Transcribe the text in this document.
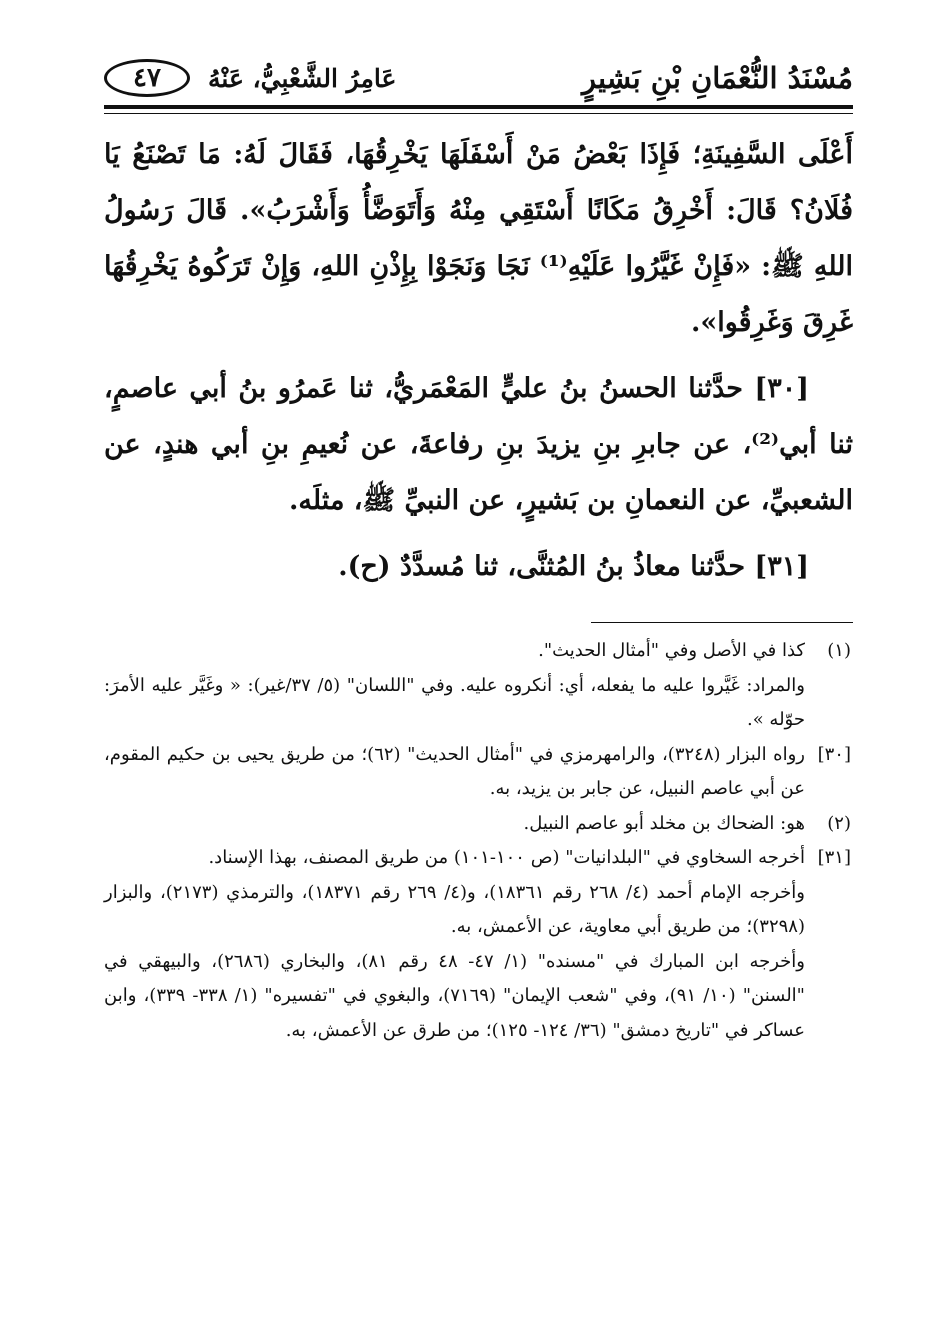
مُسْنَدُ النُّعْمَانِ بْنِ بَشِيرٍ
عَامِرُ الشَّعْبِيُّ، عَنْهُ
٤٧

أَعْلَى السَّفِينَةِ؛ فَإِذَا بَعْضُ مَنْ أَسْفَلَهَا يَخْرِقُهَا، فَقَالَ لَهُ: مَا تَصْنَعُ يَا فُلَانُ؟ قَالَ: أَخْرِقُ مَكَانًا أَسْتَقِي مِنْهُ وَأَتَوَضَّأُ وَأَشْرَبُ». قَالَ رَسُولُ اللهِ ﷺ: «فَإِنْ غَيَّرُوا عَلَيْهِ⁽¹⁾ نَجَا وَنَجَوْا بِإِذْنِ اللهِ، وَإِنْ تَرَكُوهُ يَخْرِقُهَا غَرِقَ وَغَرِقُوا».

[٣٠] حدَّثنا الحسنُ بنُ عليٍّ المَعْمَريُّ، ثنا عَمرُو بنُ أبي عاصمٍ، ثنا أبي⁽²⁾، عن جابرِ بنِ يزيدَ بنِ رفاعةَ، عن نُعيمِ بنِ أبي هندٍ، عن الشعبيِّ، عن النعمانِ بن بَشيرٍ، عن النبيِّ ﷺ، مثلَه.

[٣١] حدَّثنا معاذُ بنُ المُثنَّى، ثنا مُسدَّدٌ (ح).

(١)كذا في الأصل وفي "أمثال الحديث".

والمراد: غَيَّروا عليه ما يفعله، أي: أنكروه عليه. وفي "اللسان" (٥/ ٣٧/غير): « وغَيَّر عليه الأمرَ: حوّله ».

[٣٠]رواه البزار (٣٢٤٨)، والرامهرمزي في "أمثال الحديث" (٦٢)؛ من طريق يحيى بن حكيم المقوم، عن أبي عاصم النبيل، عن جابر بن يزيد، به.

(٢)هو: الضحاك بن مخلد أبو عاصم النبيل.

[٣١]أخرجه السخاوي في "البلدانيات" (ص ١٠٠-١٠١) من طريق المصنف، بهذا الإسناد.

وأخرجه الإمام أحمد (٤/ ٢٦٨ رقم ١٨٣٦١)، و(٤/ ٢٦٩ رقم ١٨٣٧١)، والترمذي (٢١٧٣)، والبزار (٣٢٩٨)؛ من طريق أبي معاوية، عن الأعمش، به.

وأخرجه ابن المبارك في "مسنده" (١/ ٤٧- ٤٨ رقم ٨١)، والبخاري (٢٦٨٦)، والبيهقي في "السنن" (١٠/ ٩١)، وفي "شعب الإيمان" (٧١٦٩)، والبغوي في "تفسيره" (١/ ٣٣٨- ٣٣٩)، وابن عساكر في "تاريخ دمشق" (٣٦/ ١٢٤- ١٢٥)؛ من طرق عن الأعمش، به.
